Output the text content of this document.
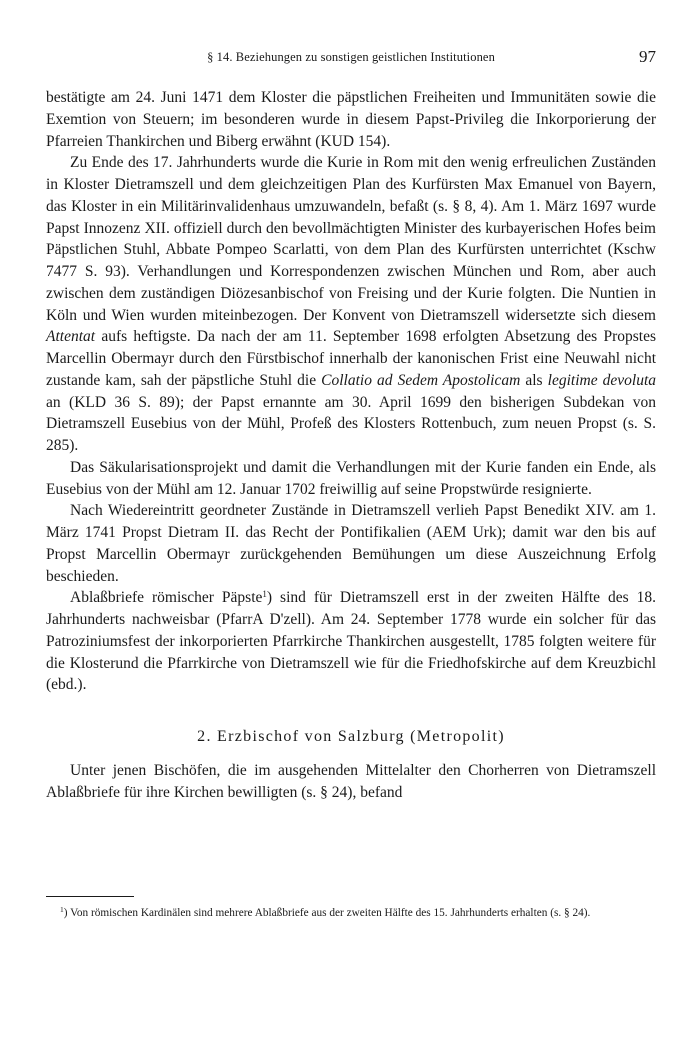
§ 14. Beziehungen zu sonstigen geistlichen Institutionen	97

bestätigte am 24. Juni 1471 dem Kloster die päpstlichen Freiheiten und Immunitäten sowie die Exemtion von Steuern; im besonderen wurde in diesem Papst-Privileg die Inkorporierung der Pfarreien Thankirchen und Biberg erwähnt (KUD 154).

Zu Ende des 17. Jahrhunderts wurde die Kurie in Rom mit den wenig erfreulichen Zuständen in Kloster Dietramszell und dem gleichzeitigen Plan des Kurfürsten Max Emanuel von Bayern, das Kloster in ein Militärinvalidenhaus umzuwandeln, befaßt (s. § 8, 4). Am 1. März 1697 wurde Papst Innozenz XII. offiziell durch den bevollmächtigten Minister des kurbayerischen Hofes beim Päpstlichen Stuhl, Abbate Pompeo Scarlatti, von dem Plan des Kurfürsten unterrichtet (Kschw 7477 S. 93). Verhandlungen und Korrespondenzen zwischen München und Rom, aber auch zwischen dem zuständigen Diözesanbischof von Freising und der Kurie folgten. Die Nuntien in Köln und Wien wurden miteinbezogen. Der Konvent von Dietramszell widersetzte sich diesem Attentat aufs heftigste. Da nach der am 11. September 1698 erfolgten Absetzung des Propstes Marcellin Obermayr durch den Fürstbischof innerhalb der kanonischen Frist eine Neuwahl nicht zustande kam, sah der päpstliche Stuhl die Collatio ad Sedem Apostolicam als legitime devoluta an (KLD 36 S. 89); der Papst ernannte am 30. April 1699 den bisherigen Subdekan von Dietramszell Eusebius von der Mühl, Profeß des Klosters Rottenbuch, zum neuen Propst (s. S. 285).

Das Säkularisationsprojekt und damit die Verhandlungen mit der Kurie fanden ein Ende, als Eusebius von der Mühl am 12. Januar 1702 freiwillig auf seine Propstwürde resignierte.

Nach Wiedereintritt geordneter Zustände in Dietramszell verlieh Papst Benedikt XIV. am 1. März 1741 Propst Dietram II. das Recht der Pontifikalien (AEM Urk); damit war den bis auf Propst Marcellin Obermayr zurückgehenden Bemühungen um diese Auszeichnung Erfolg beschieden.

Ablaßbriefe römischer Päpste$^1$) sind für Dietramszell erst in der zweiten Hälfte des 18. Jahrhunderts nachweisbar (PfarrA D'zell). Am 24. September 1778 wurde ein solcher für das Patroziniumsfest der inkorporierten Pfarrkirche Thankirchen ausgestellt, 1785 folgten weitere für die Klosterund die Pfarrkirche von Dietramszell wie für die Friedhofskirche auf dem Kreuzbichl (ebd.).

2. Erzbischof von Salzburg (Metropolit)

Unter jenen Bischöfen, die im ausgehenden Mittelalter den Chorherren von Dietramszell Ablaßbriefe für ihre Kirchen bewilligten (s. § 24), befand

$^1$) Von römischen Kardinälen sind mehrere Ablaßbriefe aus der zweiten Hälfte des 15. Jahrhunderts erhalten (s. § 24).
